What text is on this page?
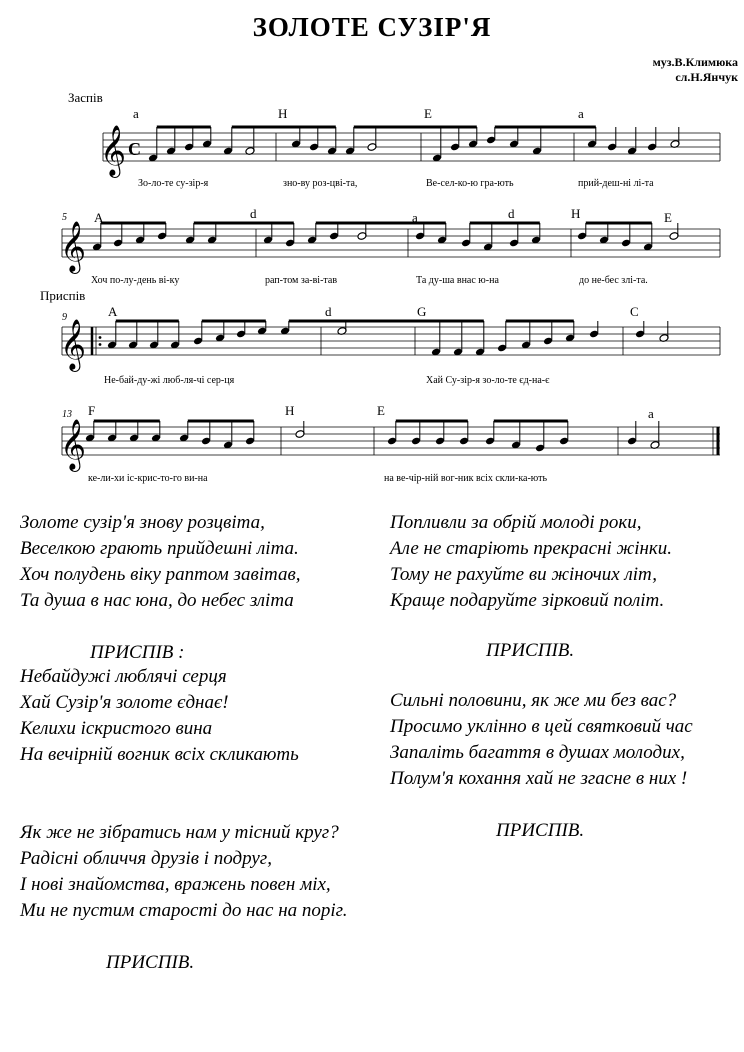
ЗОЛОТЕ СУЗІР'Я
муз.В.Климюка
сл.Н.Янчук
Заспів
Приспів
5
9
13
𝄞 C
a	H	E	a
Зо-ло-те су-зір-я	зно-ву роз-цві-та,	Ве-сел-ко-ю гра-ють	прий-деш-ні лі-та
𝄞
A	d	a	d	H	E
Хоч по-лу-день ві-ку	рап-том за-ві-тав	Та ду-ша внас ю-на	до не-бес злі-та.
𝄞
A	d	G	C
Не-бай-ду-жі люб-ля-чі сер-ця	Хай Су-зір-я зо-ло-те єд-на-є
𝄞
F	H	E	a
ке-ли-хи іс-крис-то-го ви-на	на ве-чір-ній вог-ник всіх скли-ка-ють
Золоте сузір'я знову розцвіта,
Веселкою грають прийдешні літа.
Хоч полудень віку раптом завітав,
Та душа в нас юна, до небес зліта
ПРИСПІВ :
Небайдужі люблячі серця
Хай Сузір'я золоте єднає!
Келихи іскристого вина
На вечірній вогник всіх скликають
Як же не зібратись нам у тісний круг?
Радісні обличчя друзів і подруг,
І нові знайомства, вражень повен міх,
Ми не пустим старості до нас на поріг.
ПРИСПІВ.
Попливли за обрій молоді роки,
Але не старіють прекрасні жінки.
Тому не рахуйте ви жіночих літ,
Краще подаруйте зірковий політ.
ПРИСПІВ.
Сильні половини, як же ми без вас?
Просимо уклінно в цей святковий час
Запаліть багаття в душах молодих,
Полум'я кохання хай не згасне в них !
ПРИСПІВ.
